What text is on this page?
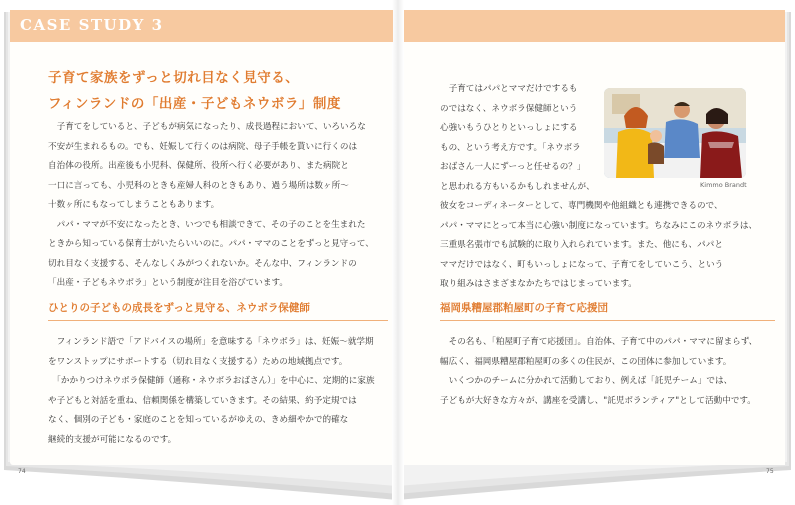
CASE STUDY 3
子育て家族をずっと切れ目なく見守る、
フィンランドの「出産・子どもネウボラ」制度

　子育てをしていると、子どもが病気になったり、成長過程において、いろいろな
不安が生まれるもの。でも、妊娠して行くのは病院、母子手帳を貰いに行くのは
自治体の役所。出産後も小児科、保健所、役所へ行く必要があり、また病院と
一口に言っても、小児科のときも産婦人科のときもあり、過う場所は数ヶ所〜
十数ヶ所にもなってしまうこともあります。
　パパ・ママが不安になったとき、いつでも相談できて、その子のことを生まれた
ときから知っている保育士がいたらいいのに。パパ・ママのことをずっと見守って、
切れ目なく支援する、そんなしくみがつくれないか。そんな中、フィンランドの
「出産・子どもネウボラ」という制度が注目を浴びています。

ひとりの子どもの成長をずっと見守る、ネウボラ保健師

　フィンランド語で「アドバイスの場所」を意味する「ネウボラ」は、妊娠〜就学期
をワンストップにサポートする（切れ目なく支援する）ための地域拠点です。
　「かかりつけネウボラ保健師（通称・ネウボラおばさん）」を中心に、定期的に家族
や子どもと対話を重ね、信頼関係を構築していきます。その結果、約予定規では
なく、個別の子ども・家庭のことを知っているがゆえの、きめ細やかで的確な
継続的支援が可能になるのです。

74

　子育てはパパとママだけでするも
のではなく、ネウボラ保健師という
心強いもうひとりといっしょにする
もの、という考え方です。「ネウボラ
おばさん一人にずーっと任せるの？」
と思われる方もいるかもしれませんが、	Kimmo Brandt

彼女をコーディネーターとして、専門機関や他組織とも連携できるので、
パパ・ママにとって本当に心強い制度になっています。ちなみにこのネウボラは、
三重県名張市でも試験的に取り入れられています。また、他にも、パパと
ママだけではなく、町もいっしょになって、子育てをしていこう、という
取り組みはさまざまなかたちではじまっています。

福岡県糟屋郡粕屋町の子育て応援団

　その名も、「粕屋町子育て応援団」。自治体、子育て中のパパ・ママに留まらず、
幅広く、福岡県糟屋郡粕屋町の多くの住民が、この団体に参加しています。
　いくつかのチームに分かれて活動しており、例えば「託児チーム」では、
子どもが大好きな方々が、講座を受講し、"託児ボランティア"として活動中です。

75
